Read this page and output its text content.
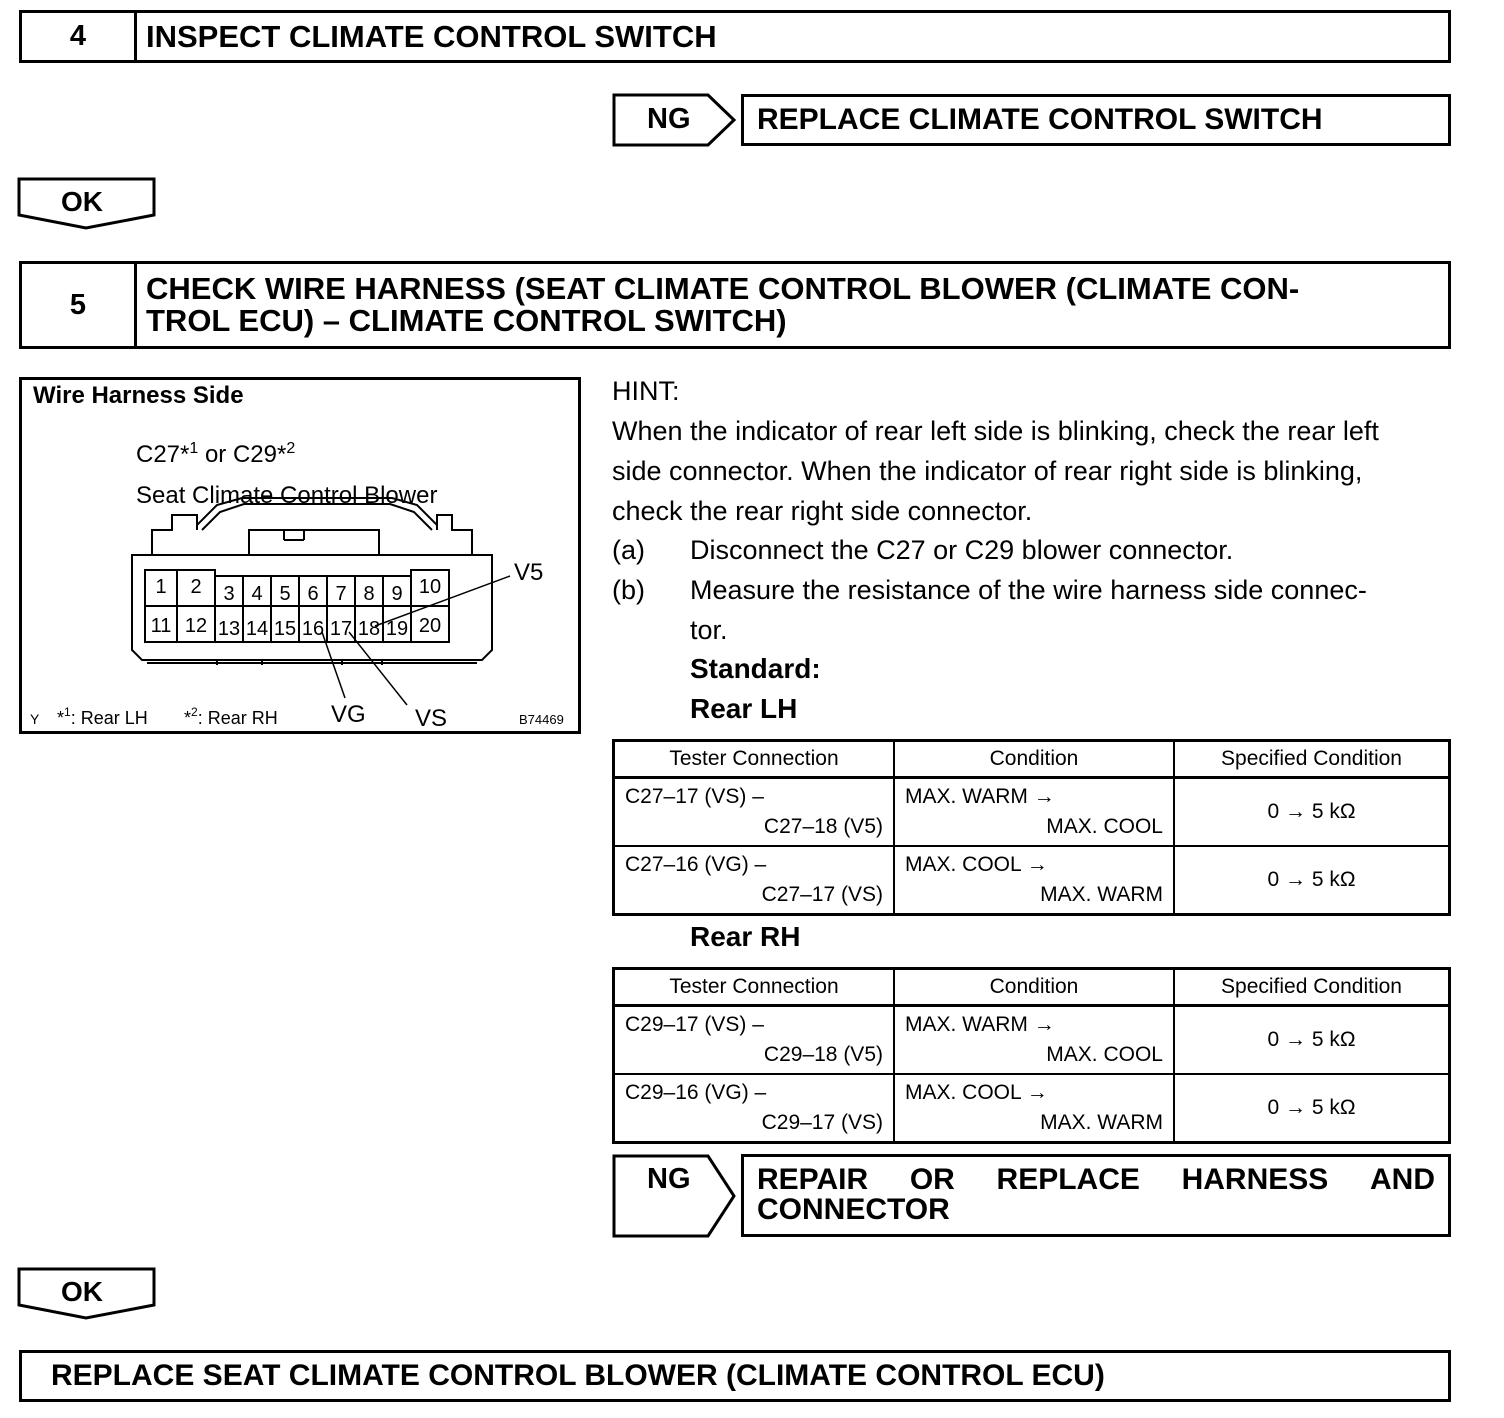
4	INSPECT CLIMATE CONTROL SWITCH
NG	REPLACE CLIMATE CONTROL SWITCH
OK
5	CHECK WIRE HARNESS (SEAT CLIMATE CONTROL BLOWER (CLIMATE CON-
TROL ECU) – CLIMATE CONTROL SWITCH)
Wire Harness Side
C27*$^1$ or C29*$^2$
Seat Climate Control Blower
1 2 3 4 5 6 7 8 9 10
11 12 13 14 15 16 17 18 19 20
V5
VG VS
Y *$^1$: Rear LH *$^2$: Rear RH	B74469
HINT:
When the indicator of rear left side is blinking, check the rear left
side connector. When the indicator of rear right side is blinking,
check the rear right side connector.
(a) Disconnect the C27 or C29 blower connector.
(b) Measure the resistance of the wire harness side connec-
tor.
Standard:
Rear LH
Tester Connection	Condition	Specified Condition

C27–17 (VS) –
C27–18 (V5)	MAX. WARM →
MAX. COOL	0 → 5 kΩ

C27–16 (VG) –
C27–17 (VS)	MAX. COOL →
MAX. WARM	0 → 5 kΩ
Rear RH
Tester Connection	Condition	Specified Condition

C29–17 (VS) –
C29–18 (V5)	MAX. WARM →
MAX. COOL	0 → 5 kΩ

C29–16 (VG) –
C29–17 (VS)	MAX. COOL →
MAX. WARM	0 → 5 kΩ
NG REPAIR OR REPLACE HARNESS AND
CONNECTOR
OK
REPLACE SEAT CLIMATE CONTROL BLOWER (CLIMATE CONTROL ECU)
